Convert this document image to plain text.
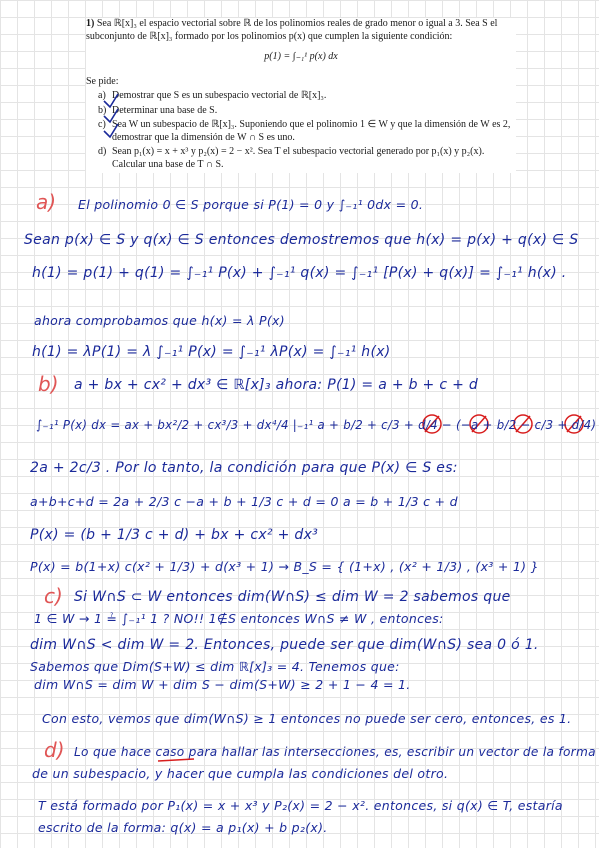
1) Sea ℝ[x]₃ el espacio vectorial sobre ℝ de los polinomios reales de grado menor o igual a 3. Sea S el subconjunto de ℝ[x]₃ formado por los polinomios p(x) que cumplen la siguiente condición:
p(1) = ∫₋₁¹ p(x) dx
Se pide:
a) Demostrar que S es un subespacio vectorial de ℝ[x]₃.
b) Determinar una base de S.
c) Sea W un subespacio de ℝ[x]₃. Suponiendo que el polinomio 1 ∈ W y que la dimensión de W es 2, demostrar que la dimensión de W ∩ S es uno.
d) Sean p₁(x) = x + x³ y p₂(x) = 2 − x². Sea T el subespacio vectorial generado por p₁(x) y p₂(x). Calcular una base de T ∩ S.
a) El polinomio 0 ∈ S porque si P(1) = 0 y ∫₋₁¹ 0dx = 0.
Sean p(x) ∈ S y q(x) ∈ S entonces demostremos que h(x) = p(x) + q(x) ∈ S
h(1) = p(1) + q(1) = ∫₋₁¹ P(x) + ∫₋₁¹ q(x) = ∫₋₁¹ [P(x) + q(x)] = ∫₋₁¹ h(x) .
ahora comprobamos que h(x) = λ P(x)
h(1) = λP(1) = λ ∫₋₁¹ P(x) = ∫₋₁¹ λP(x) = ∫₋₁¹ h(x)
b) a + bx + cx² + dx³ ∈ ℝ[x]₃ ahora: P(1) = a + b + c + d
∫₋₁¹ P(x) dx = ax + bx²/2 + cx³/3 + dx⁴/4 |₋₁¹ a + b/2 + c/3 + d/4 − (−a + b/2 − c/3 + d/4)
2a + 2c/3 . Por lo tanto, la condición para que P(x) ∈ S es:
a+b+c+d = 2a + 2/3 c −a + b + 1/3 c + d = 0 a = b + 1/3 c + d
P(x) = (b + 1/3 c + d) + bx + cx² + dx³
P(x) = b(1+x) c(x² + 1/3) + d(x³ + 1) → B_S = { (1+x) , (x² + 1/3) , (x³ + 1) }
c) Si W∩S ⊂ W entonces dim(W∩S) ≤ dim W = 2 sabemos que
1 ∈ W → 1 ≟ ∫₋₁¹ 1 ? NO!! 1∉S entonces W∩S ≠ W , entonces:
dim W∩S < dim W = 2. Entonces, puede ser que dim(W∩S) sea 0 ó 1.
Sabemos que Dim(S+W) ≤ dim ℝ[x]₃ = 4. Tenemos que:
dim W∩S = dim W + dim S − dim(S+W) ≥ 2 + 1 − 4 = 1.
Con esto, vemos que dim(W∩S) ≥ 1 entonces no puede ser cero, entonces, es 1.
d) Lo que hace caso para hallar las intersecciones, es, escribir un vector de la forma
de un subespacio, y hacer que cumpla las condiciones del otro.
T está formado por P₁(x) = x + x³ y P₂(x) = 2 − x². entonces, si q(x) ∈ T, estaría
escrito de la forma: q(x) = a p₁(x) + b p₂(x).
